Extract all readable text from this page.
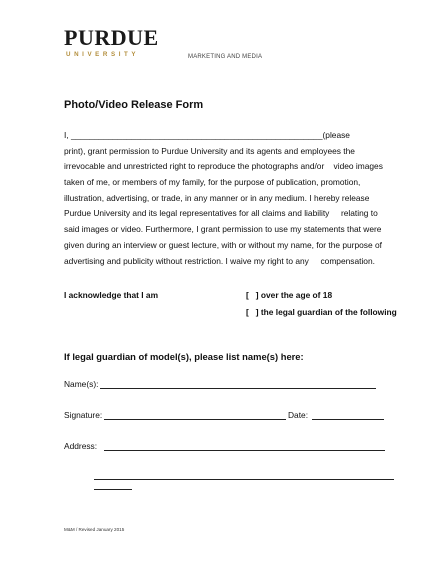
PURDUE
UNIVERSITY	MARKETING AND MEDIA
Photo/Video Release Form
I, ______________________________________________________(please
print), grant permission to Purdue University and its agents and employees the
irrevocable and unrestricted right to reproduce the photographs and/or    video images
taken of me, or members of my family, for the purpose of publication, promotion,
illustration, advertising, or trade, in any manner or in any medium. I hereby release
Purdue University and its legal representatives for all claims and liability     relating to
said images or video. Furthermore, I grant permission to use my statements that were
given during an interview or guest lecture, with or without my name, for the purpose of
advertising and publicity without restriction. I waive my right to any     compensation.
I acknowledge that I am	[   ] over the age of 18
[   ] the legal guardian of the following
If legal guardian of model(s), please list name(s) here:
Name(s):
Signature:	Date:
Address:
M&M / Revised January 2015
